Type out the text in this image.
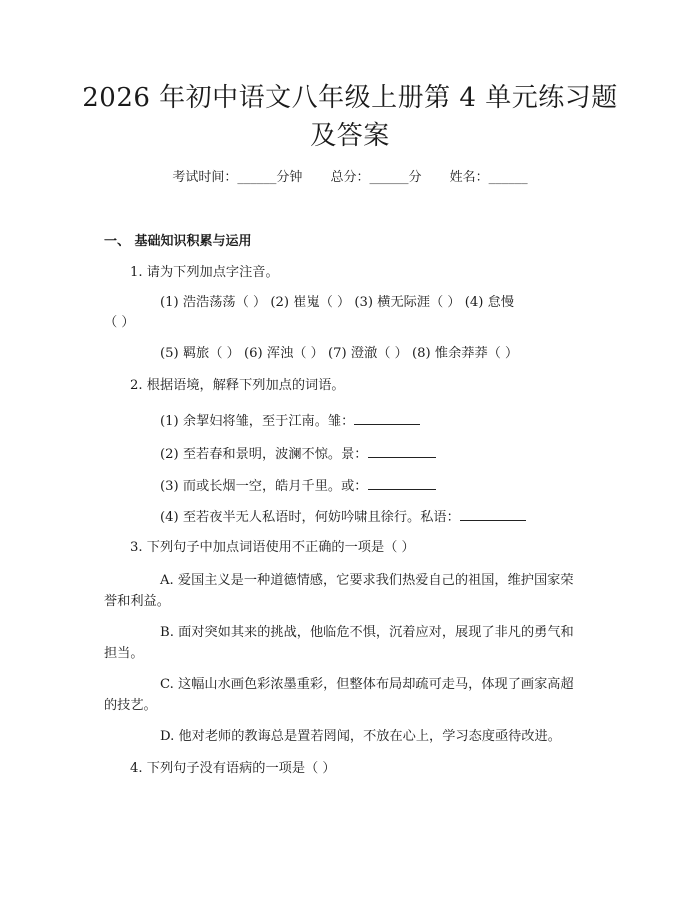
2026 年初中语文八年级上册第 4 单元练习题
及答案
考试时间：______分钟 总分：______分 姓名：______
一、 基础知识积累与运用
1. 请为下列加点字注音。
(1) 浩浩荡荡（ ） (2) 崔嵬（ ） (3) 横无际涯（ ） (4) 怠慢
（ ）
(5) 羁旅（ ） (6) 浑浊（ ） (7) 澄澈（ ） (8) 惟余莽莽（ ）
2. 根据语境，解释下列加点的词语。
(1) 余挈妇将雏，至于江南。雏：
(2) 至若春和景明，波澜不惊。景：
(3) 而或长烟一空，皓月千里。或：
(4) 至若夜半无人私语时，何妨吟啸且徐行。私语：
3. 下列句子中加点词语使用不正确的一项是（ ）
A. 爱国主义是一种道德情感，它要求我们热爱自己的祖国，维护国家荣
誉和利益。
B. 面对突如其来的挑战，他临危不惧，沉着应对，展现了非凡的勇气和
担当。
C. 这幅山水画色彩浓墨重彩，但整体布局却疏可走马，体现了画家高超
的技艺。
D. 他对老师的教诲总是置若罔闻，不放在心上，学习态度亟待改进。
4. 下列句子没有语病的一项是（ ）
